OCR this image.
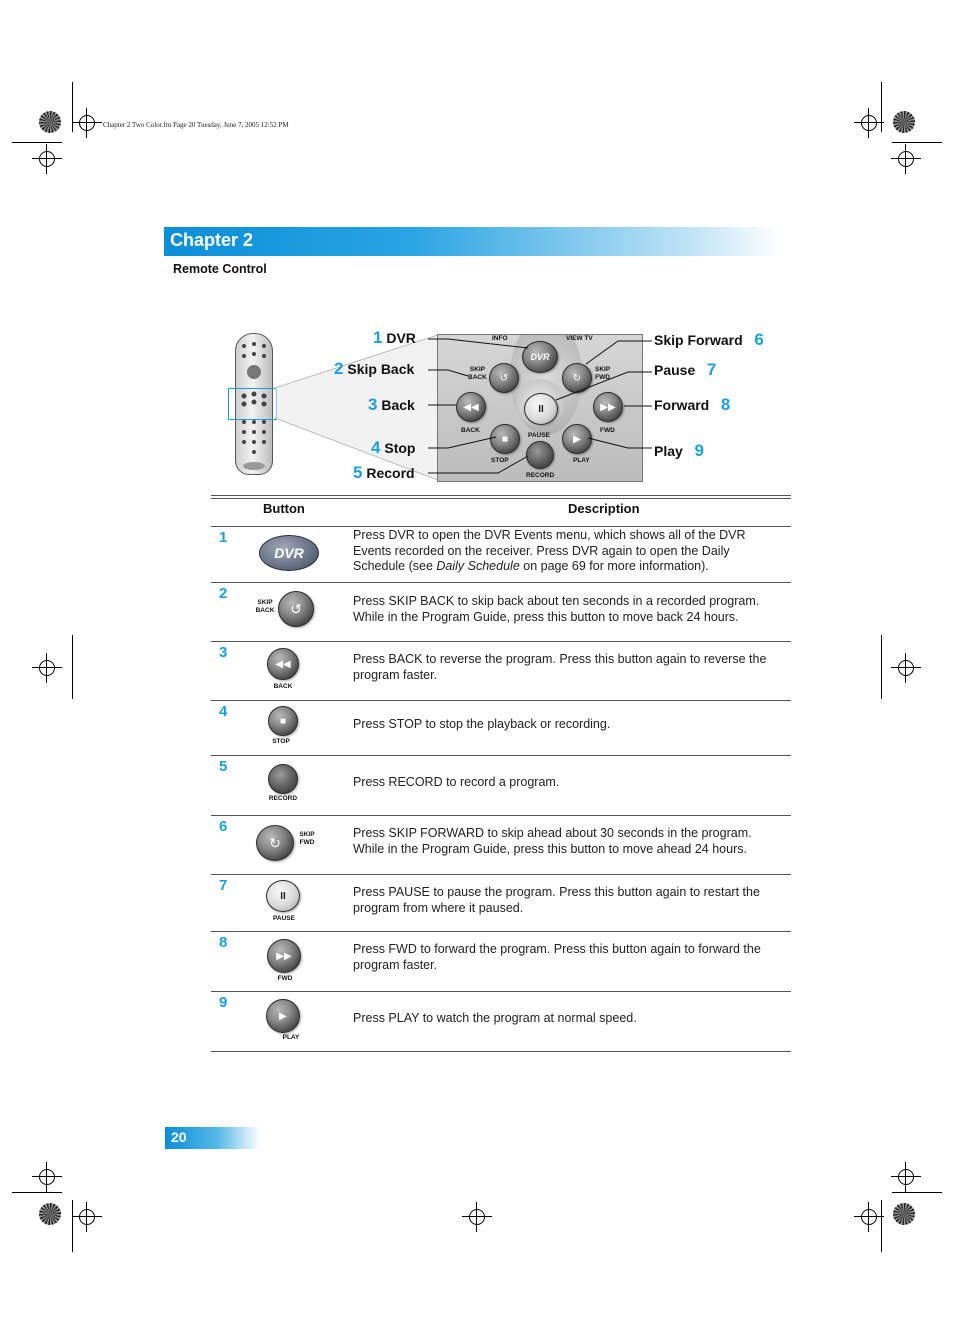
Chapter 2 Two Color.fm Page 20 Tuesday, June 7, 2005 12:52 PM
Chapter 2
Remote Control
INFO	VIEW TV
DVR
SKIP
BACK	↺
SKIP
FWD
↻
◀◀
BACK
II	▶▶
FWD
■	PAUSE	▶
STOP	PLAY
RECORD
1 DVR
2 Skip Back
3 Back
4 Stop
5 Record
Skip Forward 6
Pause 7
Forward 8
Play 9
Button	Description
1
DVR
Press DVR to open the DVR Events menu, which shows all of the DVR Events recorded on the receiver. Press DVR again to open the Daily Schedule (see Daily Schedule on page 69 for more information).
2
SKIP BACK	↺	Press SKIP BACK to skip back about ten seconds in a recorded program. While in the Program Guide, press this button to move back 24 hours.
3
◀◀
BACK
Press BACK to reverse the program. Press this button again to reverse the program faster.
4
■
STOP
Press STOP to stop the playback or recording.
5
RECORD
Press RECORD to record a program.
6
↻	SKIP FWD
Press SKIP FORWARD to skip ahead about 30 seconds in the program. While in the Program Guide, press this button to move ahead 24 hours.
7
II
PAUSE
Press PAUSE to pause the program. Press this button again to restart the program from where it paused.
8
▶▶
FWD
Press FWD to forward the program. Press this button again to forward the program faster.
9
▶
PLAY
Press PLAY to watch the program at normal speed.
20
